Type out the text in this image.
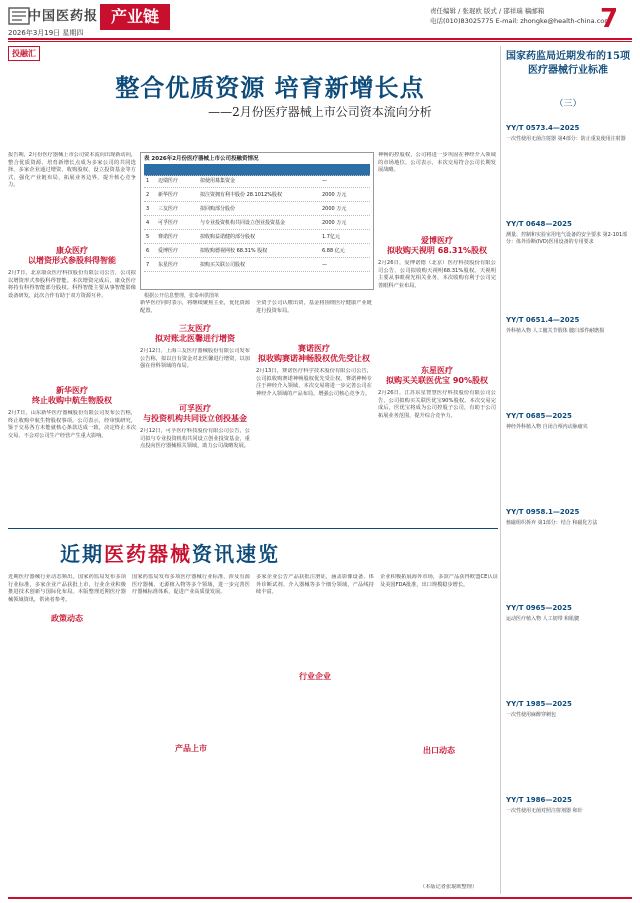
中国医药报 产业链
2026年3月19日 星期四
责任编辑 / 张琨欧 版式 / 邵祥瑞 稿邮箱
电话(010)83025775 E-mail: zhongke@health-china.com
7
投融汇
整合优质资源 培育新增长点
——2月份医疗器械上市公司资本流向分析
报告期，2月份医疗器械上市公司资本流向出现新动向，整合优质资源、培育新增长点成为多家公司的共同选择。多家企业通过增资、收购股权、设立投资基金等方式，强化产业链布局，拓展业务边界，提升核心竞争力。
康众医疗
以增资形式参股科得智能
2月7日，北京康众医疗科技股份有限公司公告，公司拟以增资形式参股科得智能。本次增资完成后，康众医疗将持有科得智能部分股权。科得智能主要从事智能影像设备研发，此次合作有助于双方资源互补。
新华医疗
终止收购中航生物股权
2月7日，山东新华医疗器械股份有限公司发布公告称，终止收购中航生物股权事项。公司表示，经审慎研究，鉴于交易各方未能就核心条款达成一致，决定终止本次交易，不会对公司生产经营产生重大影响。
表 2026年2月份医疗器械上市公司投融资情况
1 迈瑞医疗	拟使用募集资金	—
2 新华医疗	拟注资拥有利丰股份 28.1012%股权	2000 万元
3 三友医疗	拟回购部分股份	2000 万元
4 可孚医疗	与专业投资机构共同设立创业投资基金	2000 万元
5 赛诺医疗	拟收购益诺健的部分股权	1.7亿元
6 爱博医疗	拟收购德视网校 68.31% 股权	6.88 亿元
7 东星医疗	拟购买关联公司股权	—
根据公开信息整理，张泰州供图单
新华医疗同时表示，将继续聚焦主业，优化资源配置。
三友医疗
拟对账北医馨进行增资
2月12日，上海三友医疗器械股份有限公司发布公告称，拟以自有资金对北医馨进行增资，以加强在骨科领域的布局。
可孚医疗
与投资机构共同设立创投基金
2月12日，可孚医疗科技股份有限公司公告，公司拟与专业投资机构共同设立创业投资基金，重点投向医疗器械相关领域，助力公司战略发展。
全资子公司认缴出资，基金将围绕医疗健康产业链进行投资布局。
赛诺医疗
拟收购赛诺神畅股权优先受让权
2月13日，赛诺医疗科学技术股份有限公司公告，公司拟收购赛诺神畅股权优先受让权。赛诺神畅专注于神经介入领域，本次交易将进一步完善公司在神经介入领域的产品布局，增强公司核心竞争力。
神畅的控股权，公司将进一步巩固在神经介入领域的市场地位。公司表示，本次交易符合公司长期发展战略。
爱博医疗
拟收购天视明 68.31%股权
2月26日，爱博诺德（北京）医疗科技股份有限公司公告，公司拟收购天视明68.31%股权。天视明主要从事眼视光相关业务，本次收购有利于公司完善眼科产业布局。
东星医疗
拟购买关联医优宝 90%股权
2月26日，江苏东星智慧医疗科技股份有限公司公告，公司拟购买关联医优宝90%股权。本次交易完成后，医优宝将成为公司控股子公司，有助于公司拓展业务范围，提升综合竞争力。
国家药监局近期发布的15项医疗器械行业标准
（三）
YY/T 0573.4—2025
一次性使用无菌注射器 第4部分：防止重复使用注射器
YY/T 0648—2025
测量、控制和实验室用电气设备的安全要求 第2-101部分：体外诊断(IVD)医用设备的专用要求
YY/T 0651.4—2025
外科植入物 人工髋关节假体 髋臼部件耐磨损
YY/T 0685—2025
神经外科植入物 自闭合颅内动脉瘤夹
YY/T 0958.1—2025
核磁组织拆弃 第1部分：结合 和磁化方法
YY/T 0965—2025
运动医疗植入物 人工韧带 和肌腱
YY/T 1985—2025
一次性使用麻醉穿刺包
YY/T 1986—2025
一次性使用无菌对照注射剂器 和针
近期医药器械资讯速览
近期医疗器械行业动态频出。国家药监局发布多项行业标准，多家企业产品获批上市，行业企业积极推进技术创新与国际化布局。本版整理近期医疗器械领域资讯，供读者参考。
政策动态
国家药监局发布多项医疗器械行业标准，涉及有源医疗器械、无源植入物等多个领域，进一步完善医疗器械标准体系，促进产业高质量发展。
产品上市
多家企业公告产品获批注册证，涵盖影像设备、体外诊断试剂、介入器械等多个细分领域，产品线持续丰富。
行业企业
企业积极拓展海外市场，多款产品获得欧盟CE认证及美国FDA批准，出口规模稳步增长。
出口动态
（本版记者张琨欧整理）
